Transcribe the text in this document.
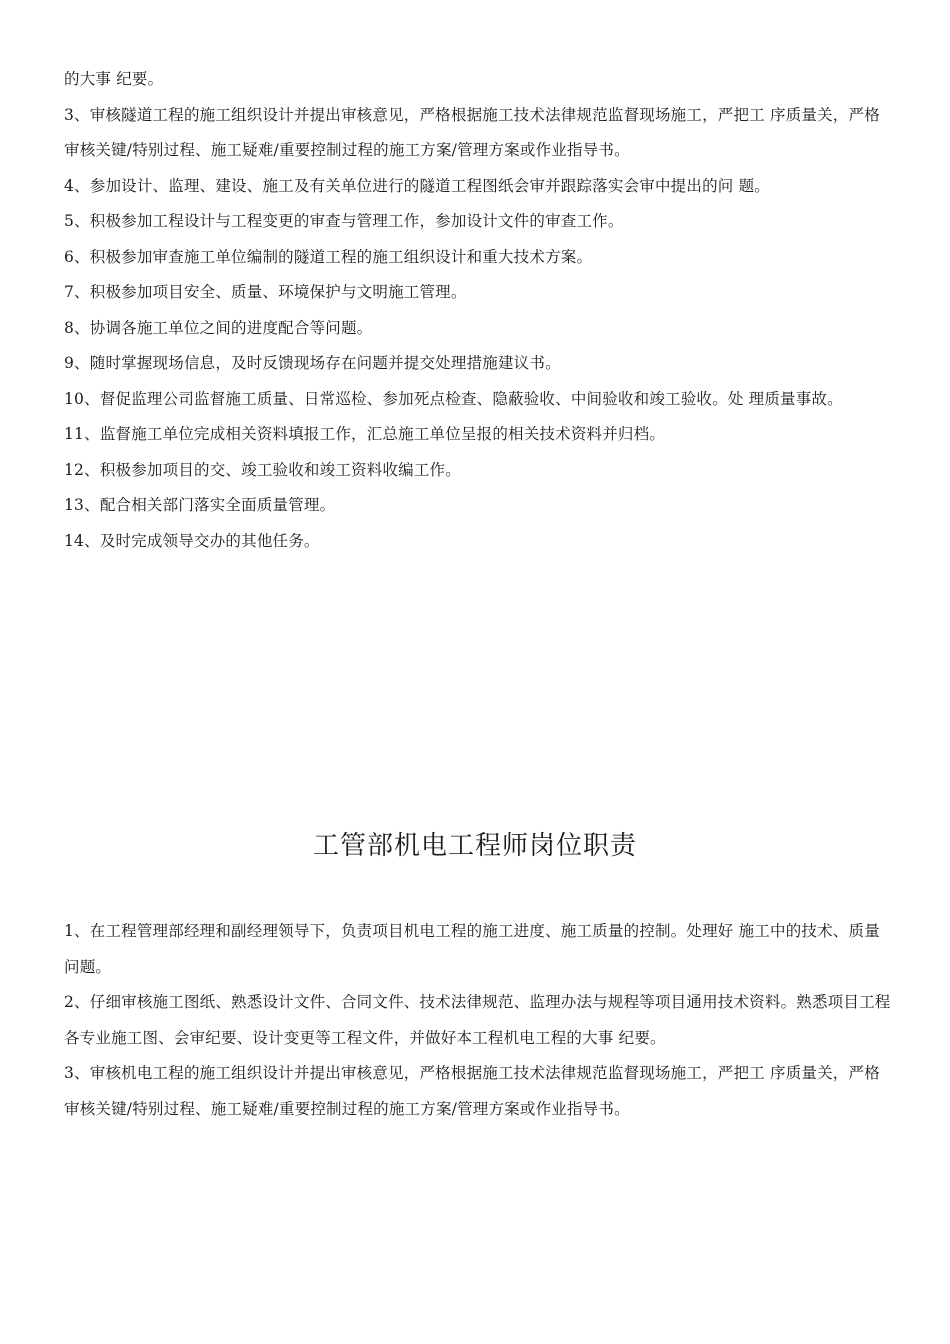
的大事 纪要。

3、审核隧道工程的施工组织设计并提出审核意见，严格根据施工技术法律规范监督现场施工，严把工 序质量关，严格审核关键/特别过程、施工疑难/重要控制过程的施工方案/管理方案或作业指导书。

4、参加设计、监理、建设、施工及有关单位进行的隧道工程图纸会审并跟踪落实会审中提出的问 题。

5、积极参加工程设计与工程变更的审查与管理工作，参加设计文件的审查工作。

6、积极参加审查施工单位编制的隧道工程的施工组织设计和重大技术方案。

7、积极参加项目安全、质量、环境保护与文明施工管理。

8、协调各施工单位之间的进度配合等问题。

9、随时掌握现场信息，及时反馈现场存在问题并提交处理措施建议书。

10、督促监理公司监督施工质量、日常巡检、参加死点检查、隐蔽验收、中间验收和竣工验收。处 理质量事故。

11、监督施工单位完成相关资料填报工作，汇总施工单位呈报的相关技术资料并归档。

12、积极参加项目的交、竣工验收和竣工资料收编工作。

13、配合相关部门落实全面质量管理。

14、及时完成领导交办的其他任务。

工管部机电工程师岗位职责

1、在工程管理部经理和副经理领导下，负责项目机电工程的施工进度、施工质量的控制。处理好 施工中的技术、质量问题。

2、仔细审核施工图纸、熟悉设计文件、合同文件、技术法律规范、监理办法与规程等项目通用技术资料。熟悉项目工程各专业施工图、会审纪要、设计变更等工程文件，并做好本工程机电工程的大事 纪要。

3、审核机电工程的施工组织设计并提出审核意见，严格根据施工技术法律规范监督现场施工，严把工 序质量关，严格审核关键/特别过程、施工疑难/重要控制过程的施工方案/管理方案或作业指导书。
